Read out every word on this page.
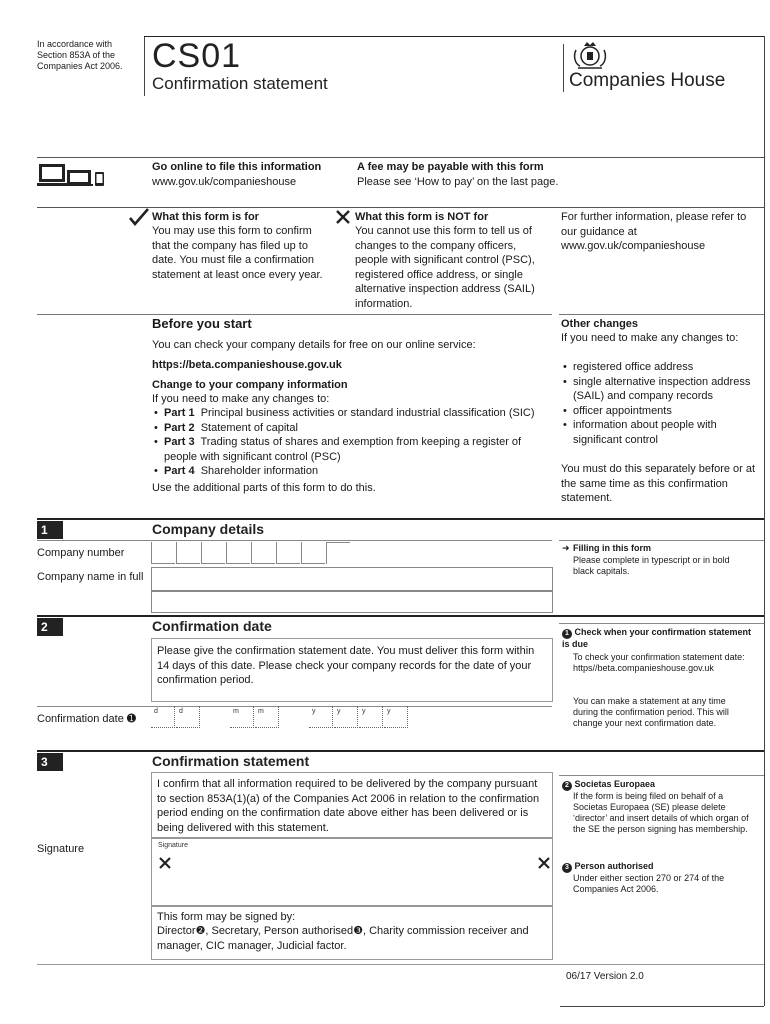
In accordance with
Section 853A of the
Companies Act 2006. CS01
Confirmation statement	Companies House
Go online to file this information
www.gov.uk/companieshouse
A fee may be payable with this form
Please see ‘How to pay’ on the last page.
What this form is for
You may use this form to confirm that the company has filed up to date. You must file a confirmation statement at least once every year.
What this form is NOT for
You cannot use this form to tell us of changes to the company officers, people with significant control (PSC), registered office address, or single alternative inspection address (SAIL) information.
For further information, please refer to our guidance at www.gov.uk/companieshouse
Before you start
You can check your company details for free on our online service:
https://beta.companieshouse.gov.uk
Change to your company information
If you need to make any changes to:
• Part 1 Principal business activities or standard industrial classification (SIC)
• Part 2 Statement of capital
• Part 3 Trading status of shares and exemption from keeping a register of people with significant control (PSC)
• Part 4 Shareholder information
Use the additional parts of this form to do this.
Other changes
If you need to make any changes to:
• registered office address
• single alternative inspection address (SAIL) and company records
• officer appointments
• information about people with significant control
You must do this separately before or at the same time as this confirmation statement.
1	Company details
Company number
Company name in full
➜ Filling in this form
Please complete in typescript or in bold black capitals.
2	Confirmation date
Please give the confirmation statement date. You must deliver this form within 14 days of this date. Please check your company records for the date of your confirmation period.
Confirmation date ➊
d	d	m	m	y	y	y	y
1 Check when your confirmation statement is due
To check your confirmation statement date: https//beta.companieshouse.gov.uk
You can make a statement at any time during the confirmation period. This will change your next confirmation date.
3	Confirmation statement
I confirm that all information required to be delivered by the company pursuant to section 853A(1)(a) of the Companies Act 2006 in relation to the confirmation period ending on the confirmation date above either has been delivered or is being delivered with this statement.
Signature	Signature
This form may be signed by:
Director❷, Secretary, Person authorised❸, Charity commission receiver and manager, CIC manager, Judicial factor.
2 Societas Europaea
If the form is being filed on behalf of a Societas Europaea (SE) please delete ‘director’ and insert details of which organ of the SE the person signing has membership.
3 Person authorised
Under either section 270 or 274 of the Companies Act 2006.
06/17 Version 2.0
